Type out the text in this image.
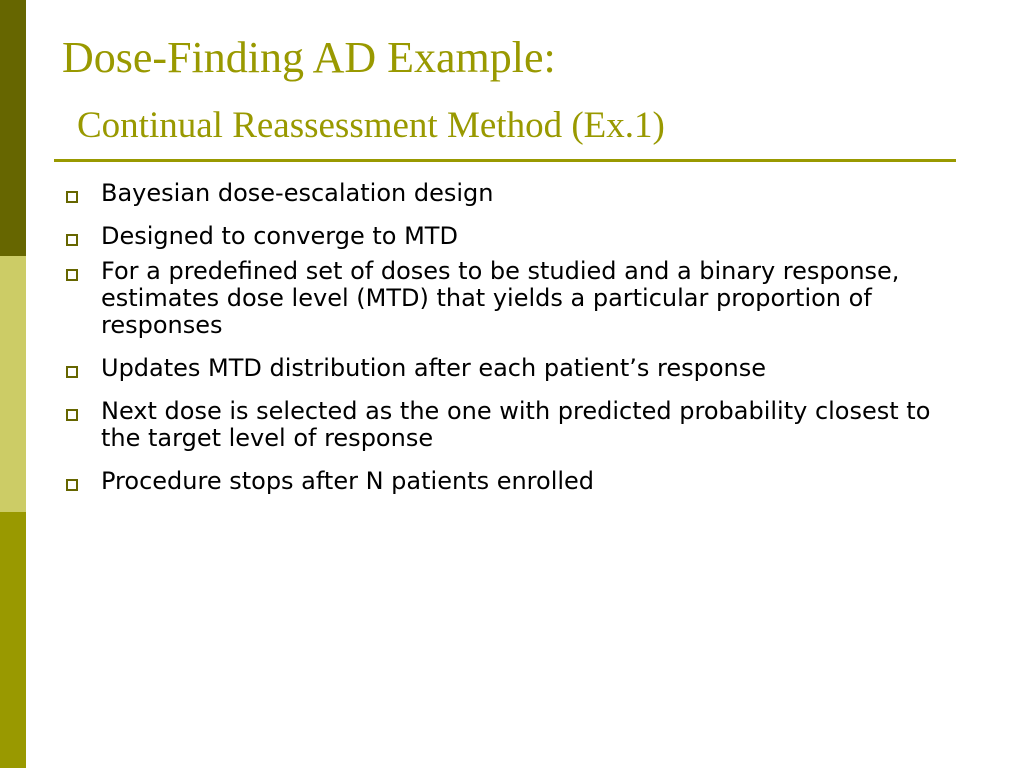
Dose-Finding AD Example:
Continual Reassessment Method (Ex.1)
Bayesian dose-escalation design
Designed to converge to MTD
For a predefined set of doses to be studied and a binary response, estimates dose level (MTD) that yields a particular proportion of responses
Updates MTD distribution after each patient’s response
Next dose is selected as the one with predicted probability closest to the target level of response
Procedure stops after N patients enrolled
